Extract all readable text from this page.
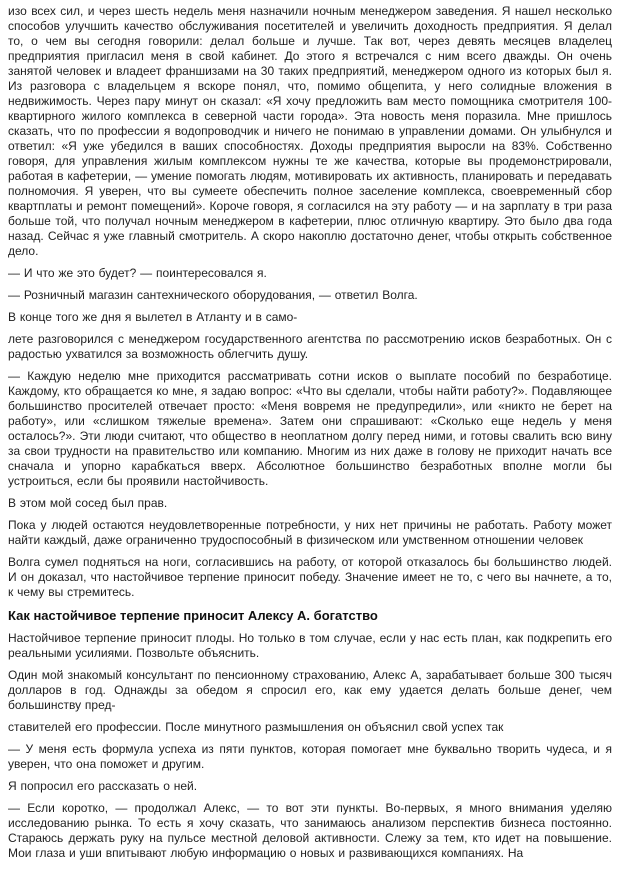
изо всех сил, и через шесть недель меня назначили ночным менеджером заведения. Я нашел несколько способов улучшить качество обслуживания посетителей и увеличить доходность предприятия. Я делал то, о чем вы сегодня говорили: делал больше и лучше. Так вот, через девять месяцев владелец предприятия пригласил меня в свой кабинет. До этого я встречался с ним всего дважды. Он очень занятой человек и владеет франшизами на 30 таких предприятий, менеджером одного из которых был я. Из разговора с владельцем я вскоре понял, что, помимо общепита, у него солидные вложения в недвижимость. Через пару минут он сказал: «Я хочу предложить вам место помощника смотрителя 100-квартирного жилого комплекса в северной части города». Эта новость меня поразила. Мне пришлось сказать, что по профессии я водопроводчик и ничего не понимаю в управлении домами. Он улыбнулся и ответил: «Я уже убедился в ваших способностях. Доходы предприятия выросли на 83%. Собственно говоря, для управления жилым комплексом нужны те же качества, которые вы продемонстрировали, работая в кафетерии, — умение помогать людям, мотивировать их активность, планировать и передавать полномочия. Я уверен, что вы сумеете обеспечить полное заселение комплекса, своевременный сбор квартплаты и ремонт помещений». Короче говоря, я согласился на эту работу — и на зарплату в три раза больше той, что получал ночным менеджером в кафетерии, плюс отличную квартиру. Это было два года назад. Сейчас я уже главный смотритель. А скоро накоплю достаточно денег, чтобы открыть собственное дело.

— И что же это будет? — поинтересовался я.

— Розничный магазин сантехнического оборудования, — ответил Волга.

В конце того же дня я вылетел в Атланту и в само-

лете разговорился с менеджером государственного агентства по рассмотрению исков безработных. Он с радостью ухватился за возможность облегчить душу.

— Каждую неделю мне приходится рассматривать сотни исков о выплате пособий по безработице. Каждому, кто обращается ко мне, я задаю вопрос: «Что вы сделали, чтобы найти работу?». Подавляющее большинство просителей отвечает просто: «Меня вовремя не предупредили», или «никто не берет на работу», или «слишком тяжелые времена». Затем они спрашивают: «Сколько еще недель у меня осталось?». Эти люди считают, что общество в неоплатном долгу перед ними, и готовы свалить всю вину за свои трудности на правительство или компанию. Многим из них даже в голову не приходит начать все сначала и упорно карабкаться вверх. Абсолютное большинство безработных вполне могли бы устроиться, если бы проявили настойчивость.

В этом мой сосед был прав.

Пока у людей остаются неудовлетворенные потребности, у них нет причины не работать. Работу может найти каждый, даже ограниченно трудоспособный в физическом или умственном отношении человек

Волга сумел подняться на ноги, согласившись на работу, от которой отказалось бы большинство людей. И он доказал, что настойчивое терпение приносит победу. Значение имеет не то, с чего вы начнете, а то, к чему вы стремитесь.

Как настойчивое терпение приносит Алексу А. богатство

Настойчивое терпение приносит плоды. Но только в том случае, если у нас есть план, как подкрепить его реальными усилиями. Позвольте объяснить.

Один мой знакомый консультант по пенсионному страхованию, Алекс А, зарабатывает больше 300 тысяч долларов в год. Однажды за обедом я спросил его, как ему удается делать больше денег, чем большинству пред-

ставителей его профессии. После минутного размышления он объяснил свой успех так

— У меня есть формула успеха из пяти пунктов, которая помогает мне буквально творить чудеса, и я уверен, что она поможет и другим.

Я попросил его рассказать о ней.

— Если коротко, — продолжал Алекс, — то вот эти пункты. Во-первых, я много внимания уделяю исследованию рынка. То есть я хочу сказать, что занимаюсь анализом перспектив бизнеса постоянно. Стараюсь держать руку на пульсе местной деловой активности. Слежу за тем, кто идет на повышение. Мои глаза и уши впитывают любую информацию о новых и развивающихся компаниях. На
